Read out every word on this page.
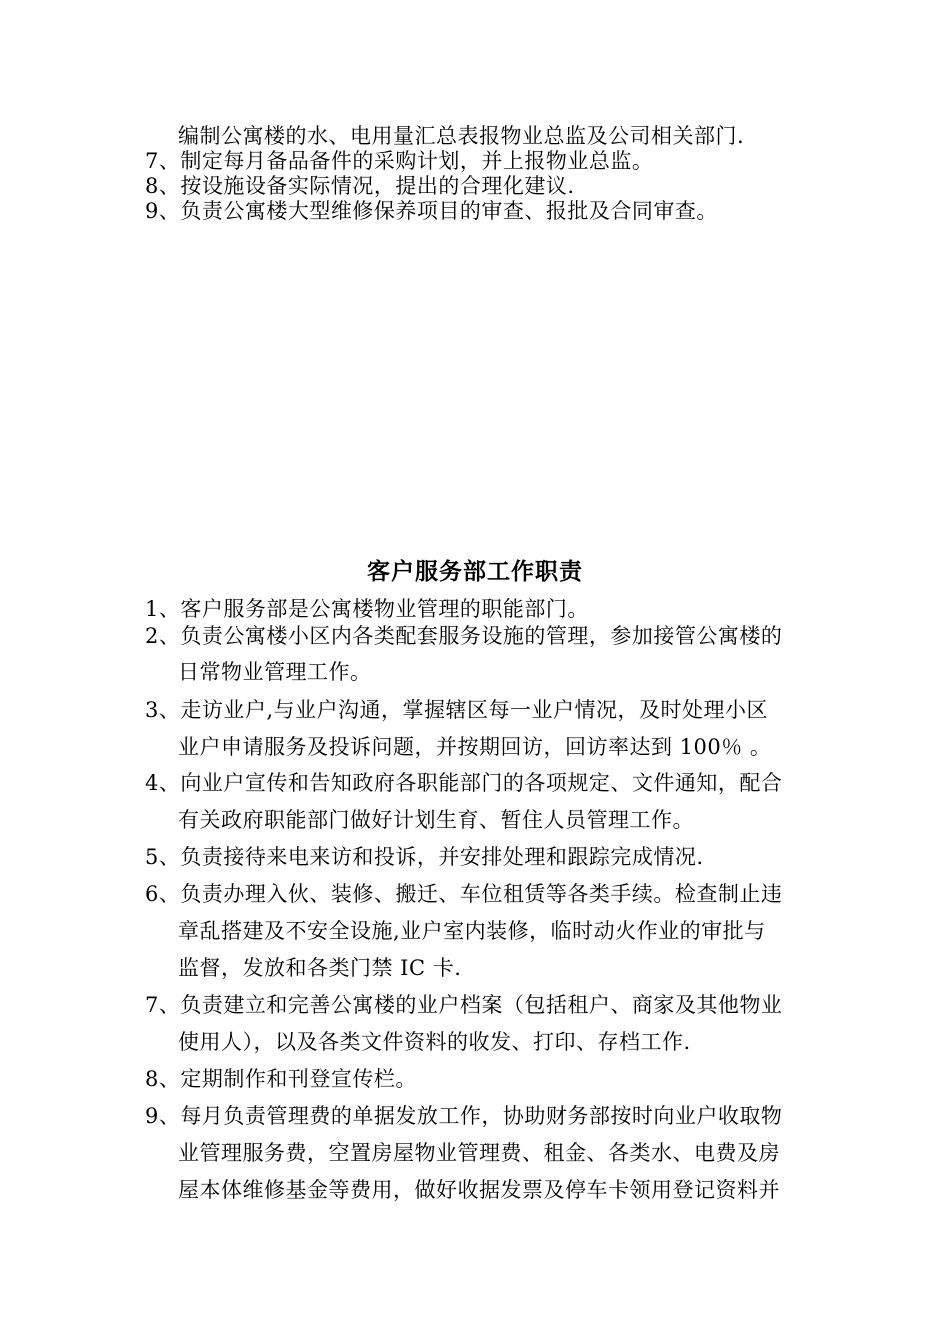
编制公寓楼的水、电用量汇总表报物业总监及公司相关部门.
7、制定每月备品备件的采购计划，并上报物业总监。
8、按设施设备实际情况，提出的合理化建议.
9、负责公寓楼大型维修保养项目的审查、报批及合同审查。
客户服务部工作职责
1、客户服务部是公寓楼物业管理的职能部门。
2、负责公寓楼小区内各类配套服务设施的管理，参加接管公寓楼的
日常物业管理工作。
3、走访业户,与业户沟通，掌握辖区每一业户情况，及时处理小区
业户申请服务及投诉问题，并按期回访，回访率达到 100％ 。
4、向业户宣传和告知政府各职能部门的各项规定、文件通知，配合
有关政府职能部门做好计划生育、暂住人员管理工作。
5、负责接待来电来访和投诉，并安排处理和跟踪完成情况.
6、负责办理入伙、装修、搬迁、车位租赁等各类手续。检查制止违
章乱搭建及不安全设施,业户室内装修，临时动火作业的审批与
监督，发放和各类门禁 IC 卡.
7、负责建立和完善公寓楼的业户档案（包括租户、商家及其他物业
使用人），以及各类文件资料的收发、打印、存档工作.
8、定期制作和刊登宣传栏。
9、每月负责管理费的单据发放工作，协助财务部按时向业户收取物
业管理服务费，空置房屋物业管理费、租金、各类水、电费及房
屋本体维修基金等费用，做好收据发票及停车卡领用登记资料并
